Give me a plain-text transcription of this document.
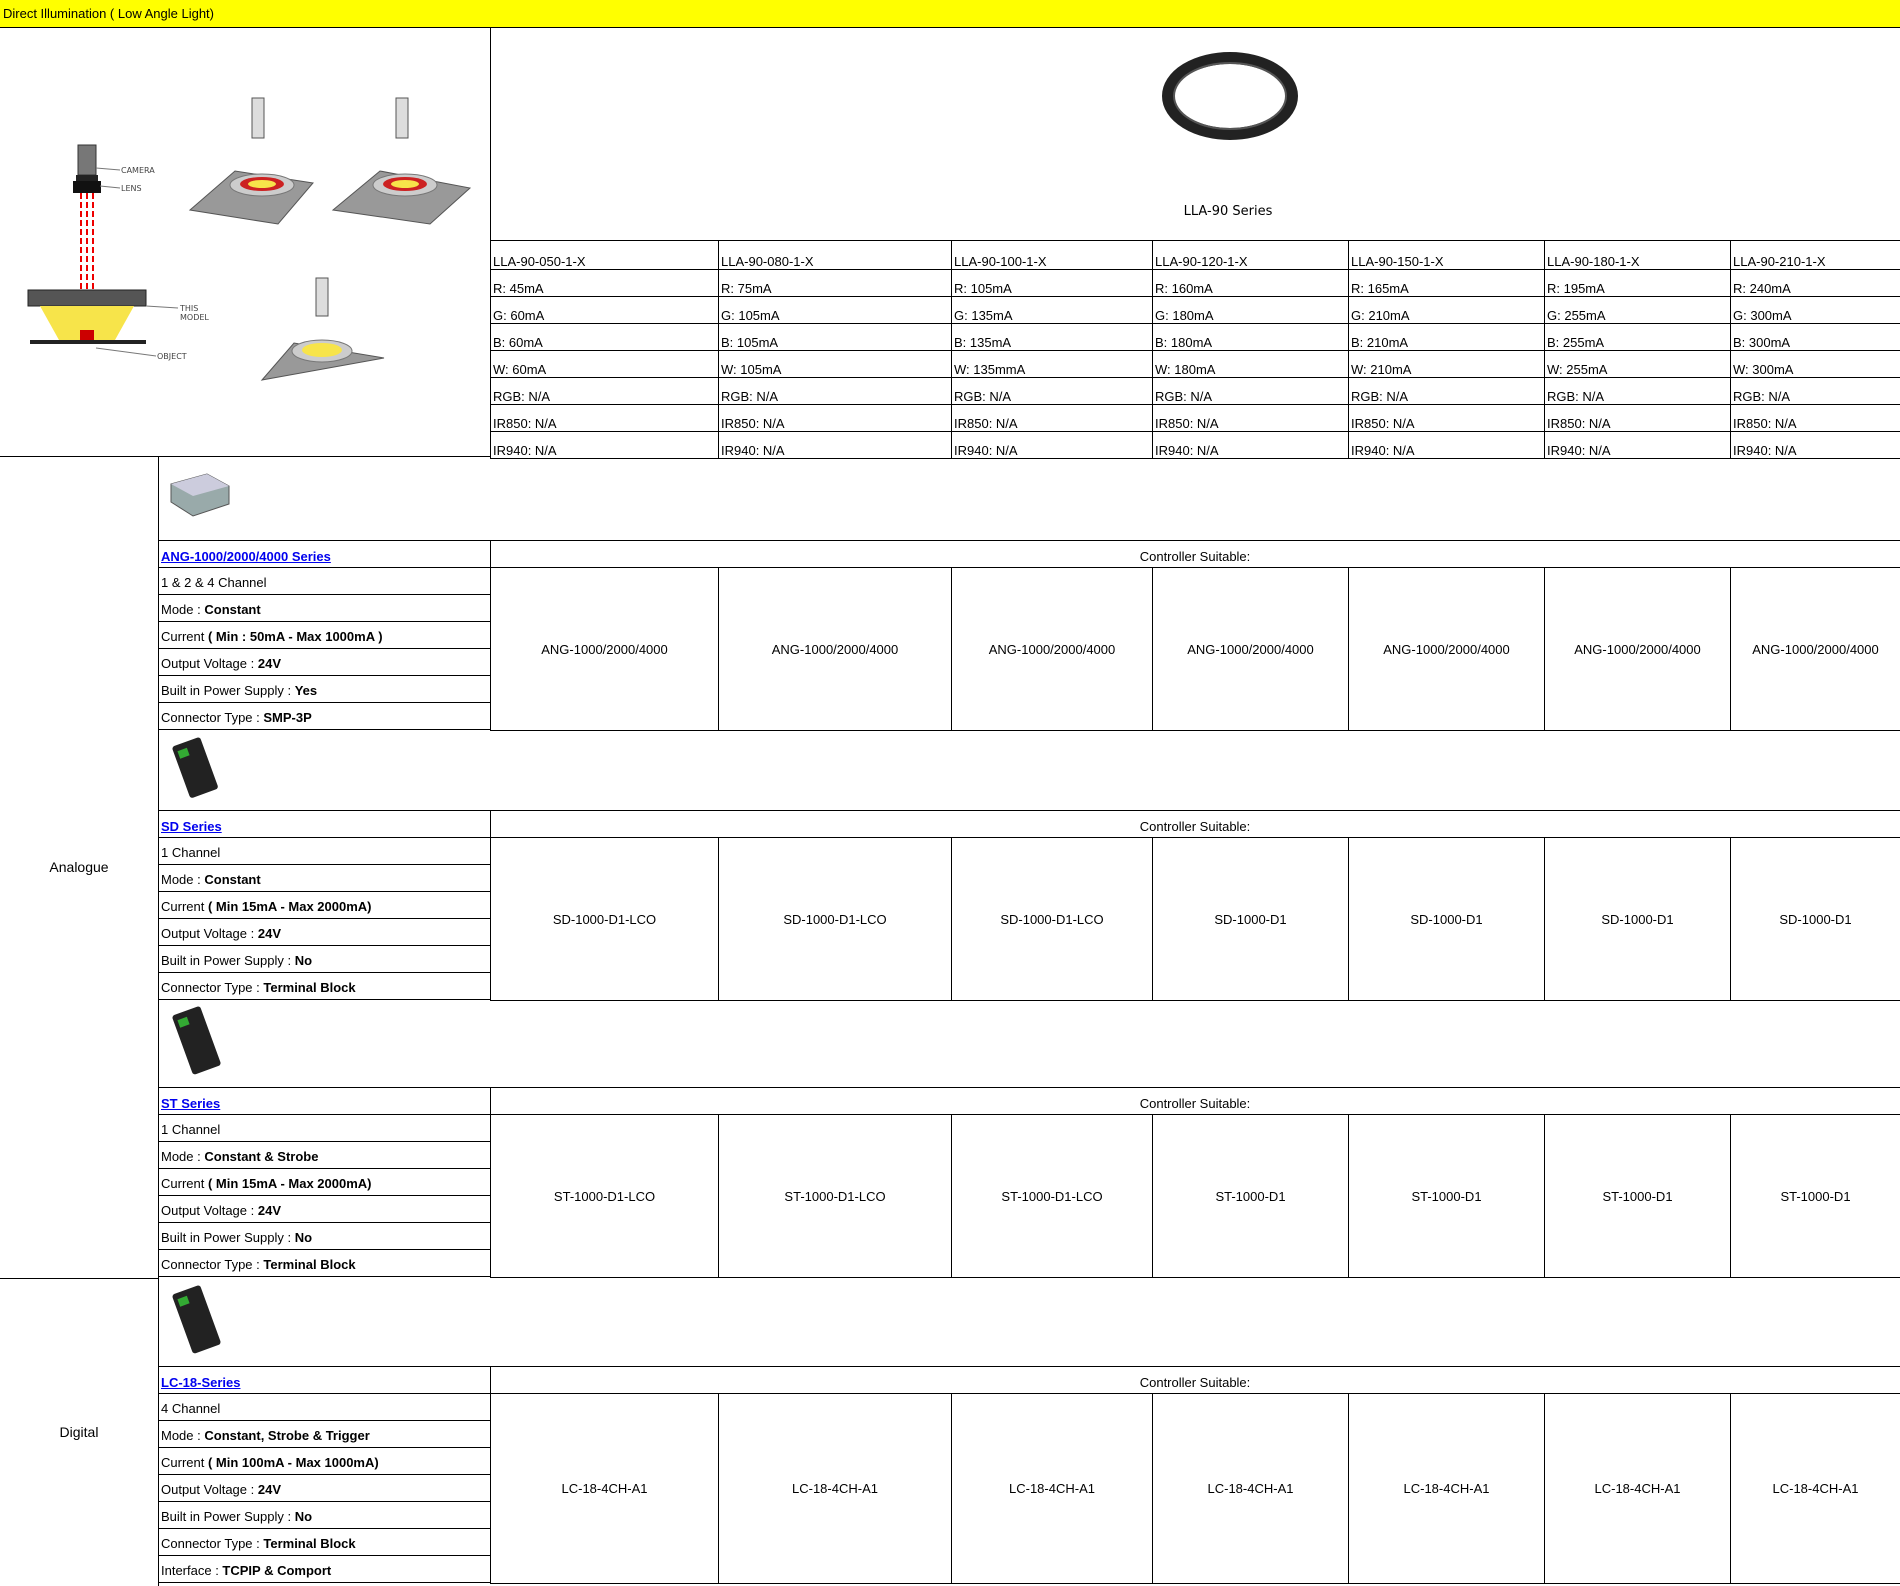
Direct Illumination ( Low Angle Light)
CAMERA
LENS
THIS
MODEL
OBJECT
LLA-90 Series
LLA-90-050-1-X	LLA-90-080-1-X	LLA-90-100-1-X	LLA-90-120-1-X	LLA-90-150-1-X	LLA-90-180-1-X	LLA-90-210-1-X
R: 45mA	R: 75mA	R: 105mA	R: 160mA	R: 165mA	R: 195mA	R: 240mA
G: 60mA	G: 105mA	G: 135mA	G: 180mA	G: 210mA	G: 255mA	G: 300mA
B: 60mA	B: 105mA	B: 135mA	B: 180mA	B: 210mA	B: 255mA	B: 300mA
W: 60mA	W: 105mA	W: 135mmA	W: 180mA	W: 210mA	W: 255mA	W: 300mA
RGB: N/A	RGB: N/A	RGB: N/A	RGB: N/A	RGB: N/A	RGB: N/A	RGB: N/A
IR850: N/A	IR850: N/A	IR850: N/A	IR850: N/A	IR850: N/A	IR850: N/A	IR850: N/A
IR940: N/A	IR940: N/A	IR940: N/A	IR940: N/A	IR940: N/A	IR940: N/A	IR940: N/A
Analogue
Digital
ANG-1000/2000/4000 Series	Controller Suitable:
1 & 2 & 4 Channel
Mode : Constant
Current ( Min : 50mA - Max 1000mA )
Output Voltage : 24V
Built in Power Supply : Yes
Connector Type : SMP-3P
ANG-1000/2000/4000	ANG-1000/2000/4000	ANG-1000/2000/4000	ANG-1000/2000/4000	ANG-1000/2000/4000	ANG-1000/2000/4000	ANG-1000/2000/4000
SD Series	Controller Suitable:
1 Channel
Mode : Constant
Current ( Min 15mA - Max 2000mA)
Output Voltage : 24V
Built in Power Supply : No
Connector Type : Terminal Block
SD-1000-D1-LCO	SD-1000-D1-LCO	SD-1000-D1-LCO	SD-1000-D1	SD-1000-D1	SD-1000-D1	SD-1000-D1
ST Series	Controller Suitable:
1 Channel
Mode : Constant & Strobe
Current ( Min 15mA - Max 2000mA)
Output Voltage : 24V
Built in Power Supply : No
Connector Type : Terminal Block
ST-1000-D1-LCO	ST-1000-D1-LCO	ST-1000-D1-LCO	ST-1000-D1	ST-1000-D1	ST-1000-D1	ST-1000-D1
LC-18-Series	Controller Suitable:
4 Channel
Mode : Constant, Strobe & Trigger
Current ( Min 100mA - Max 1000mA)
Output Voltage : 24V
Built in Power Supply : No
Connector Type : Terminal Block
Interface : TCPIP & Comport
LC-18-4CH-A1	LC-18-4CH-A1	LC-18-4CH-A1	LC-18-4CH-A1	LC-18-4CH-A1	LC-18-4CH-A1	LC-18-4CH-A1
